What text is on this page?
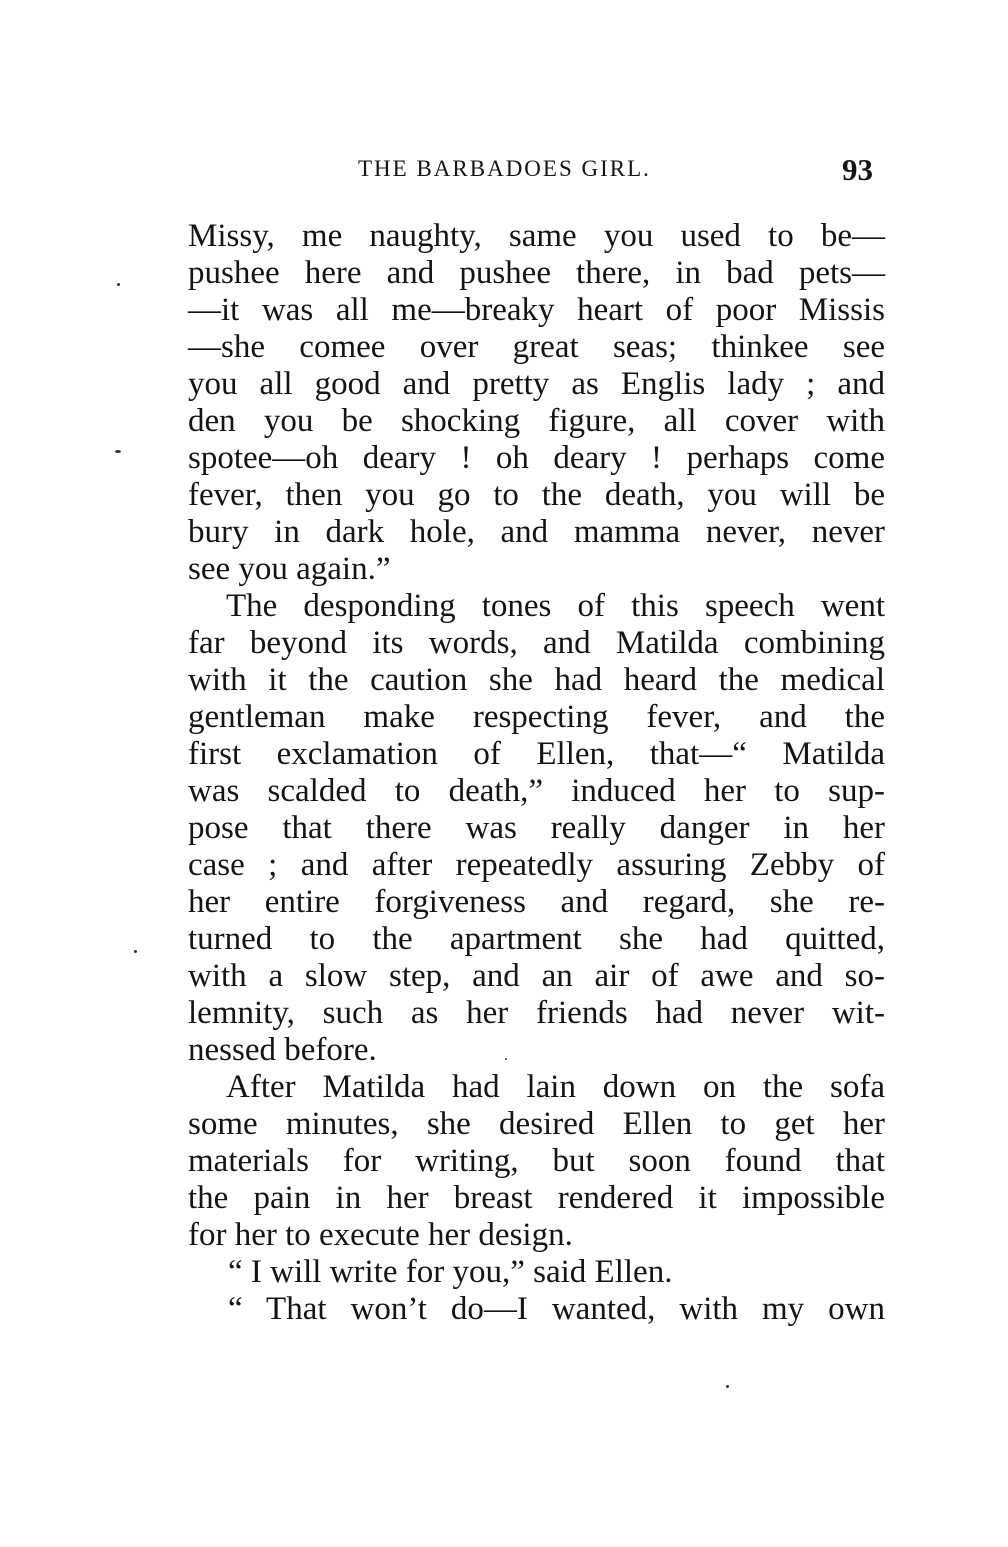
THE BARBADOES GIRL.	93
Missy, me naughty, same you used to be—
pushee here and pushee there, in bad pets—
—it was all me—breaky heart of poor Missis
—she comee over great seas; thinkee see
you all good and pretty as Englis lady ; and
den you be shocking figure, all cover with
spotee—oh deary ! oh deary ! perhaps come
fever, then you go to the death, you will be
bury in dark hole, and mamma never, never
see you again.”
The desponding tones of this speech went
far beyond its words, and Matilda combining
with it the caution she had heard the medical
gentleman make respecting fever, and the
first exclamation of Ellen, that—“ Matilda
was scalded to death,” induced her to sup-
pose that there was really danger in her
case ; and after repeatedly assuring Zebby of
her entire forgiveness and regard, she re-
turned to the apartment she had quitted,
with a slow step, and an air of awe and so-
lemnity, such as her friends had never wit-
nessed before.
After Matilda had lain down on the sofa
some minutes, she desired Ellen to get her
materials for writing, but soon found that
the pain in her breast rendered it impossible
for her to execute her design.
“ I will write for you,” said Ellen.
“ That won’t do—I wanted, with my own
